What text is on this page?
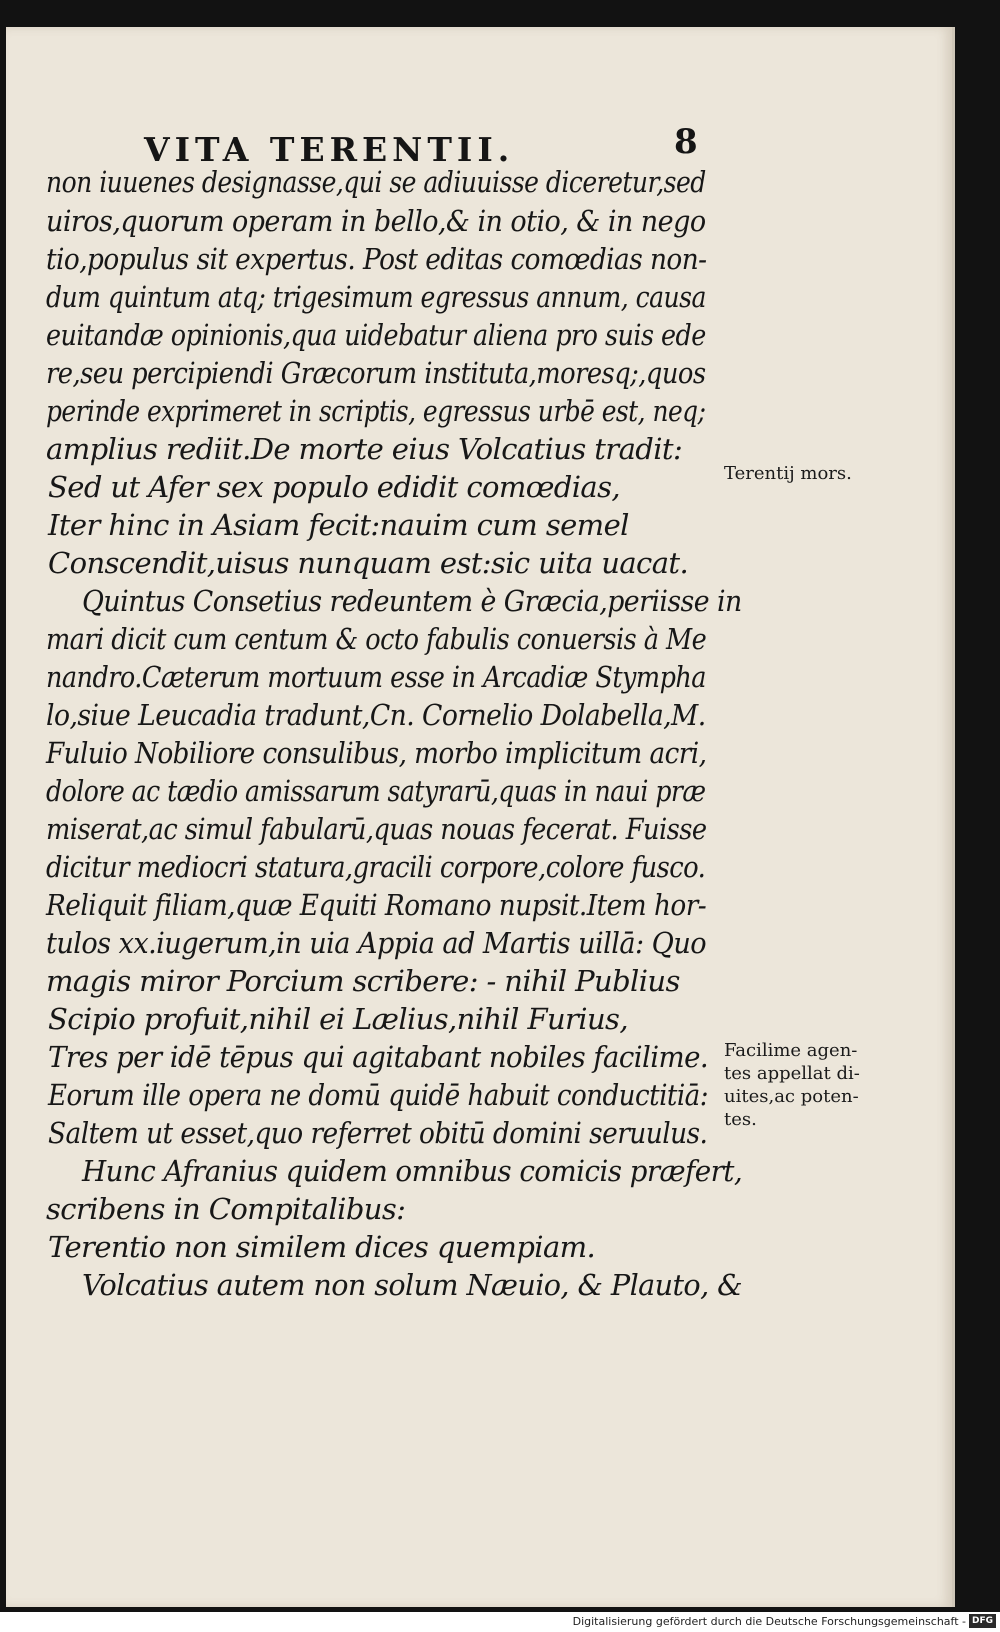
VITA TERENTII.	8
non iuuenes designasse,qui se adiuuisse diceretur,sed
uiros,quorum operam in bello,& in otio, & in nego
tio,populus sit expertus. Post editas comœdias non-
dum quintum atq; trigesimum egressus annum, causa
euitandæ opinionis,qua uidebatur aliena pro suis ede
re,seu percipiendi Græcorum instituta,moresq;,quos
perinde exprimeret in scriptis, egressus urbē est, neq;
amplius rediit.De morte eius Volcatius tradit:
Sed ut Afer sex populo edidit comœdias,
Iter hinc in Asiam fecit:nauim cum semel
Conscendit,uisus nunquam est:sic uita uacat.
Quintus Consetius redeuntem è Græcia,periisse in
mari dicit cum centum & octo fabulis conuersis à Me
nandro.Cæterum mortuum esse in Arcadiæ Stympha
lo,siue Leucadia tradunt,Cn. Cornelio Dolabella,M.
Fuluio Nobiliore consulibus, morbo implicitum acri,
dolore ac tædio amissarum satyrarū,quas in naui præ
miserat,ac simul fabularū,quas nouas fecerat. Fuisse
dicitur mediocri statura,gracili corpore,colore fusco.
Reliquit filiam,quæ Equiti Romano nupsit.Item hor-
tulos xx.iugerum,in uia Appia ad Martis uillā: Quo
magis miror Porcium scribere: - nihil Publius
Scipio profuit,nihil ei Lælius,nihil Furius,
Tres per idē tēpus qui agitabant nobiles facilime.
Eorum ille opera ne domū quidē habuit conductitiā:
Saltem ut esset,quo referret obitū domini seruulus.
Hunc Afranius quidem omnibus comicis præfert,
scribens in Compitalibus:
Terentio non similem dices quempiam.
Volcatius autem non solum Næuio, & Plauto, &
Terentij mors.
Facilime agen-
tes appellat di-
uites,ac poten-
tes.
Digitalisierung gefördert durch die Deutsche Forschungsgemeinschaft - DFG
